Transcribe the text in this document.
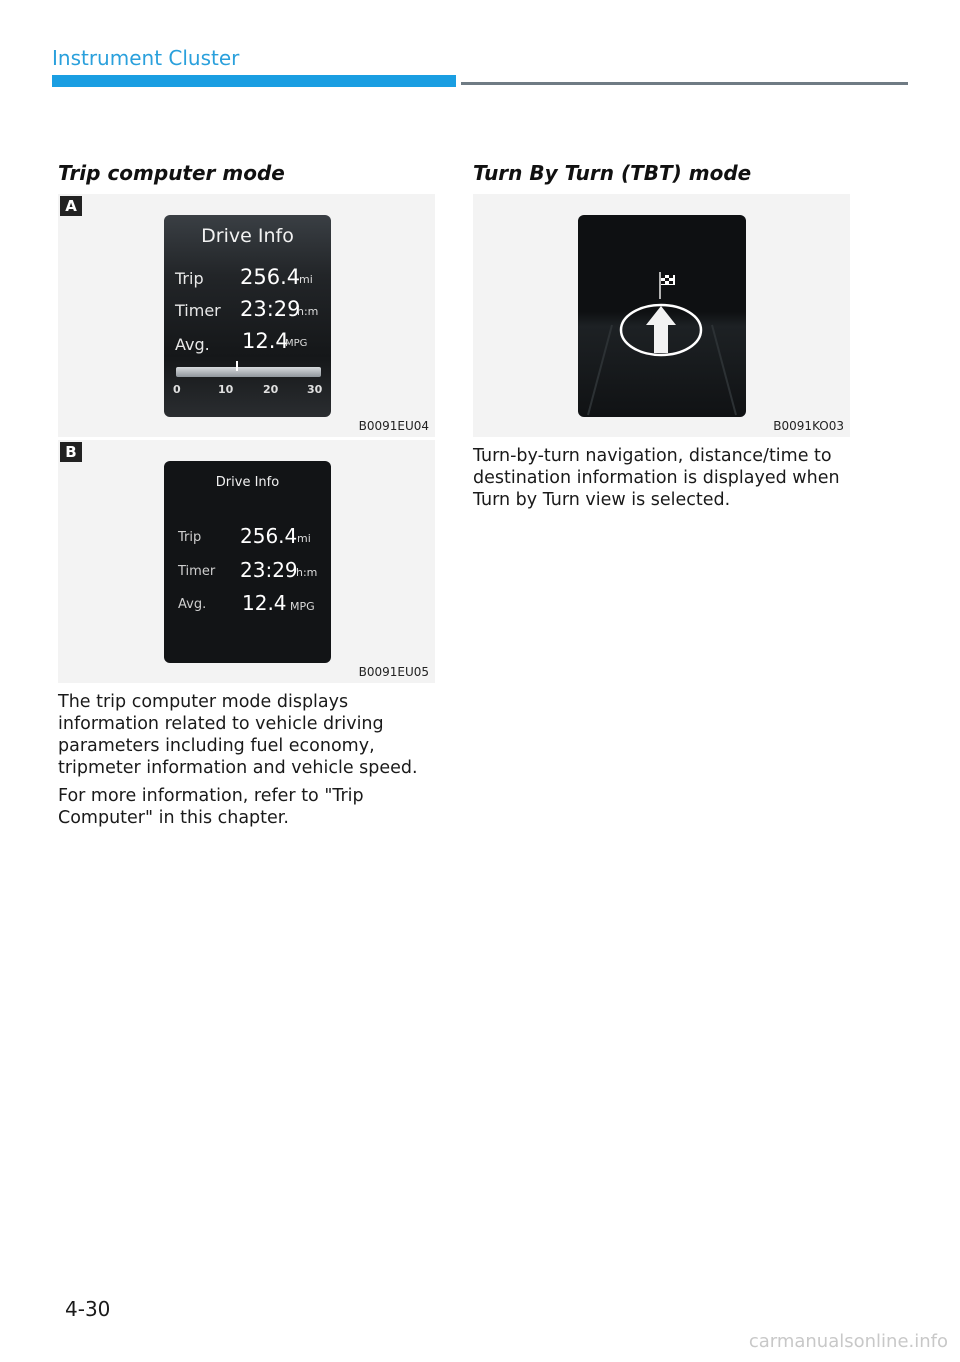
Instrument Cluster
Trip computer mode
A
Drive Info
Trip 256.4
mi
Timer 23:29
h:m
Avg. 12.4
MPG
0	10	20	30
B0091EU04
B
Drive Info
Trip 256.4 mi
Timer 23:29
h:m
Avg. 12.4 MPG
B0091EU05
The trip computer mode displays information related to vehicle driving parameters including fuel economy, tripmeter information and vehicle speed.
For more information, refer to "Trip Computer" in this chapter.
Turn By Turn (TBT) mode
B0091KO03
Turn-by-turn navigation, distance/time to destination information is displayed when Turn by Turn view is selected.
4-30
carmanualsonline.info
